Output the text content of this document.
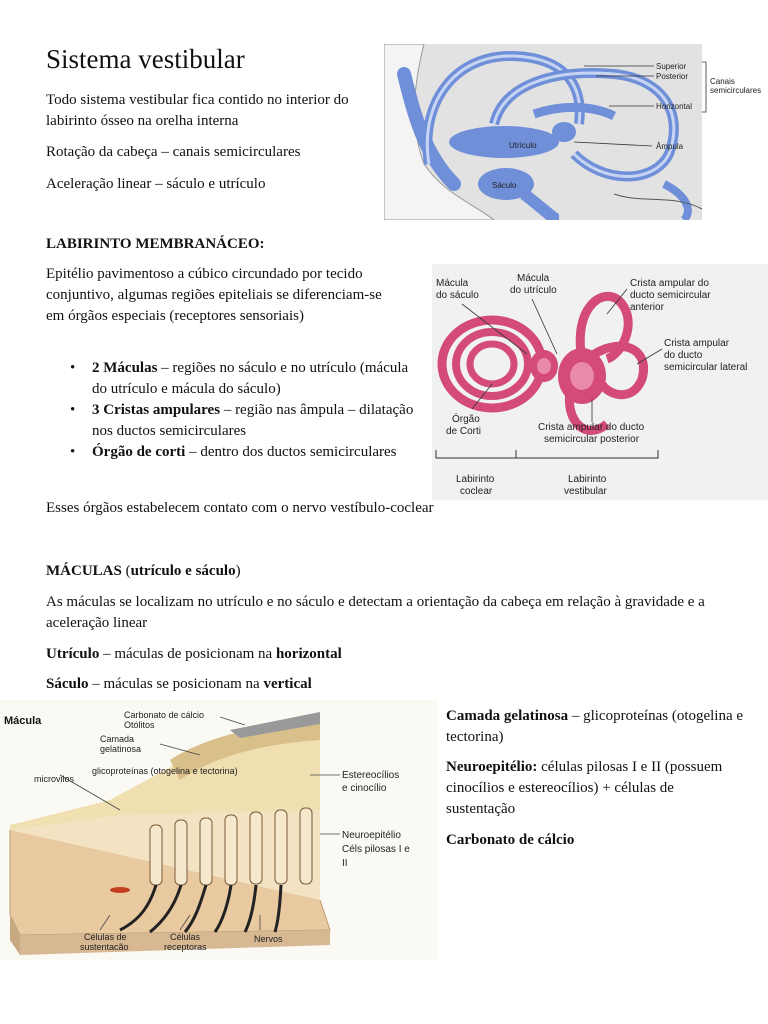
Sistema vestibular
Todo sistema vestibular fica contido no interior do labirinto ósseo na orelha interna
Rotação da cabeça – canais semicirculares
Aceleração linear – sáculo e utrículo
Superior
Posterior
Horizontal
Canais
semicirculares
Utrículo	Âmpula
Sáculo
LABIRINTO MEMBRANÁCEO:
Epitélio pavimentoso a cúbico circundado por tecido conjuntivo, algumas regiões epiteliais se diferenciam-se em órgãos especiais (receptores sensoriais)
• 2 Máculas – regiões no sáculo e no utrículo (mácula do utrículo e mácula do sáculo)
• 3 Cristas ampulares – região nas âmpula – dilatação nos ductos semicirculares
• Órgão de corti – dentro dos ductos semicirculares
Esses órgãos estabelecem contato com o nervo vestíbulo-coclear
Mácula
do sáculo
Mácula
do utrículo
Crista ampular do
ducto semicircular
anterior
Crista ampular
do ducto
semicircular lateral
Órgão
de Corti	Crista ampular do ducto
semicircular posterior
Labirinto
coclear
Labirinto
vestibular
MÁCULAS (utrículo e sáculo)
As máculas se localizam no utrículo e no sáculo e detectam a orientação da cabeça em relação à gravidade e a aceleração linear
Utrículo – máculas de posicionam na horizontal
Sáculo – máculas se posicionam na vertical
Mácula	Carbonato de cálcio
Otólitos
Camada
gelatinosa
glicoproteínas (otogelina e tectorina)
microvilos	Estereocílios
e cinocílio
Neuroepitélio
Céls pilosas I e
II
Células de
sustentacão
Células
receptoras
Nervos
Camada gelatinosa – glicoproteínas (otogelina e tectorina)
Neuroepitélio: células pilosas I e II (possuem cinocílios e estereocílios) + células de sustentação
Carbonato de cálcio
